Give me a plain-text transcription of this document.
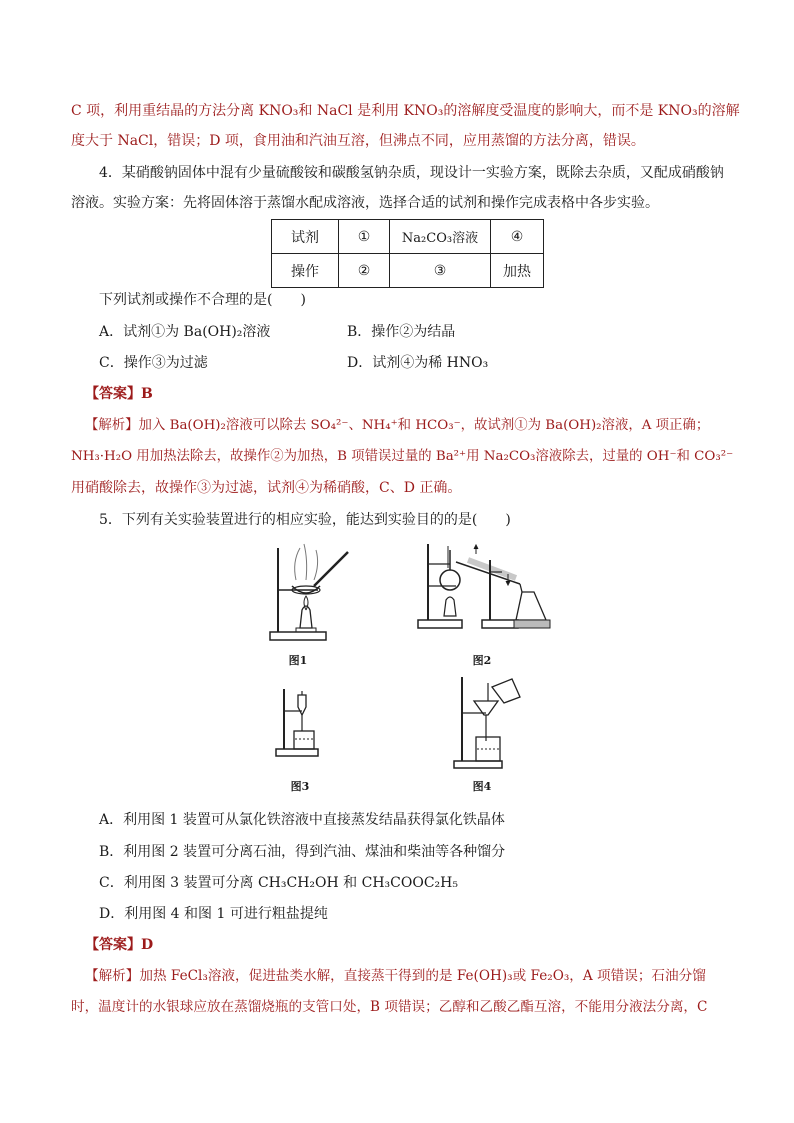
C 项，利用重结晶的方法分离 KNO₃和 NaCl 是利用 KNO₃的溶解度受温度的影响大，而不是 KNO₃的溶解
度大于 NaCl，错误；D 项，食用油和汽油互溶，但沸点不同，应用蒸馏的方法分离，错误。
4．某硝酸钠固体中混有少量硫酸铵和碳酸氢钠杂质，现设计一实验方案，既除去杂质，又配成硝酸钠
溶液。实验方案：先将固体溶于蒸馏水配成溶液，选择合适的试剂和操作完成表格中各步实验。
试剂	①	Na₂CO₃溶液	④
操作	②	③	加热
下列试剂或操作不合理的是(　　)
A．试剂①为 Ba(OH)₂溶液	B．操作②为结晶
C．操作③为过滤	D．试剂④为稀 HNO₃
【答案】B
【解析】加入 Ba(OH)₂溶液可以除去 SO₄²⁻、NH₄⁺和 HCO₃⁻，故试剂①为 Ba(OH)₂溶液，A 项正确；
NH₃·H₂O 用加热法除去，故操作②为加热，B 项错误过量的 Ba²⁺用 Na₂CO₃溶液除去，过量的 OH⁻和 CO₃²⁻
用硝酸除去，故操作③为过滤，试剂④为稀硝酸，C、D 正确。
5．下列有关实验装置进行的相应实验，能达到实验目的的是(　　)
图1	图2
图3	图4
A．利用图 1 装置可从氯化铁溶液中直接蒸发结晶获得氯化铁晶体
B．利用图 2 装置可分离石油，得到汽油、煤油和柴油等各种馏分
C．利用图 3 装置可分离 CH₃CH₂OH 和 CH₃COOC₂H₅
D．利用图 4 和图 1 可进行粗盐提纯
【答案】D
【解析】加热 FeCl₃溶液，促进盐类水解，直接蒸干得到的是 Fe(OH)₃或 Fe₂O₃，A 项错误；石油分馏
时，温度计的水银球应放在蒸馏烧瓶的支管口处，B 项错误；乙醇和乙酸乙酯互溶，不能用分液法分离，C
